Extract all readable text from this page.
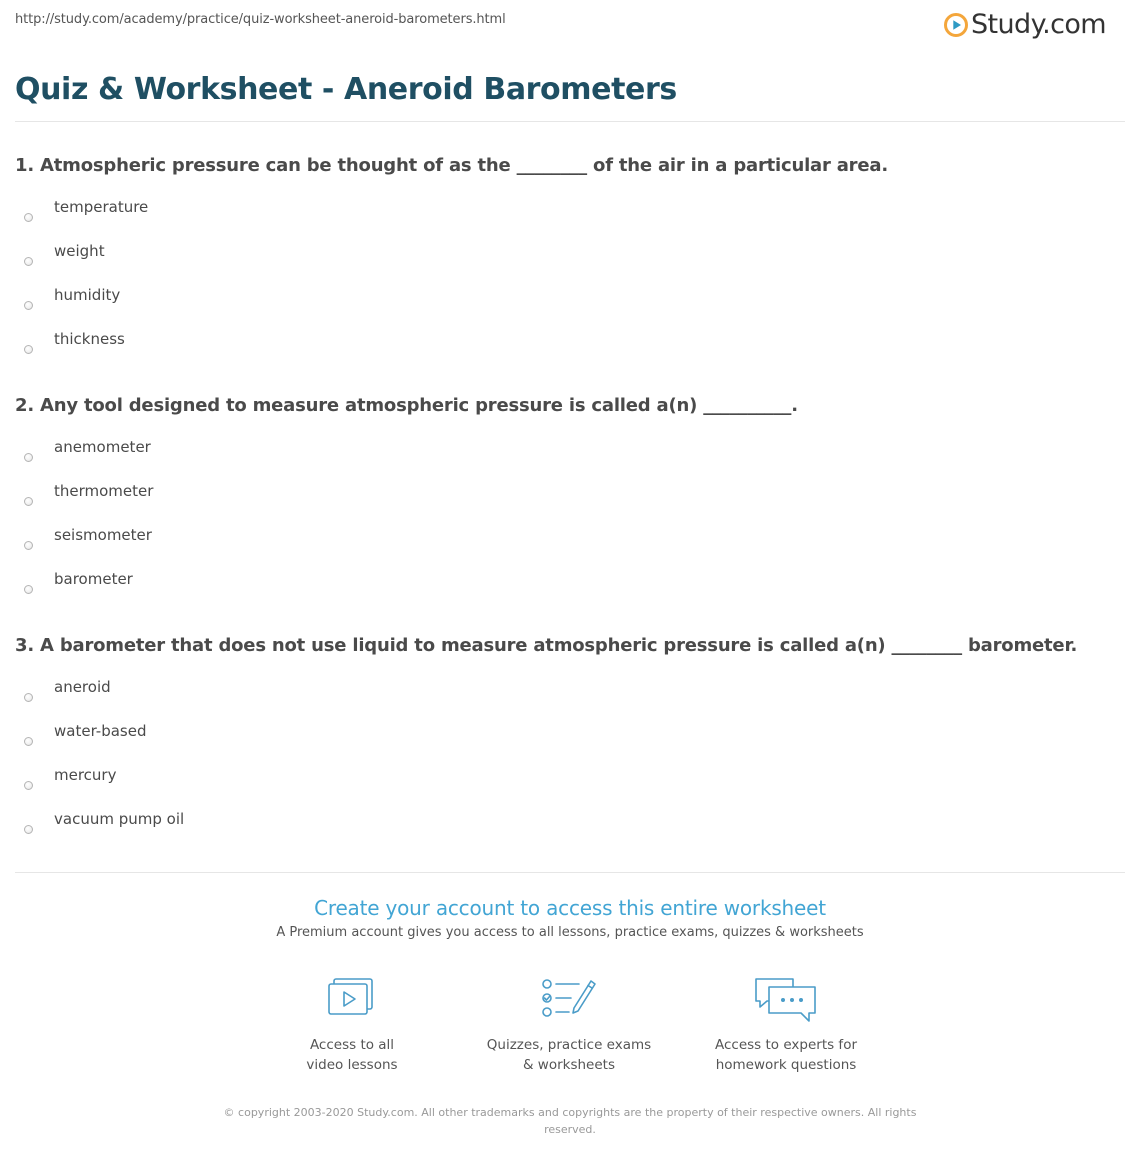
http://study.com/academy/practice/quiz-worksheet-aneroid-barometers.html	Study.com
Quiz & Worksheet - Aneroid Barometers

1. Atmospheric pressure can be thought of as the ________ of the air in a particular area.

temperature
weight
humidity
thickness

2. Any tool designed to measure atmospheric pressure is called a(n) __________.

anemometer
thermometer
seismometer
barometer

3. A barometer that does not use liquid to measure atmospheric pressure is called a(n) ________ barometer.

aneroid
water-based
mercury
vacuum pump oil
Create your account to access this entire worksheet
A Premium account gives you access to all lessons, practice exams, quizzes & worksheets
Access to all
video lessons
Quizzes, practice exams
& worksheets
Access to experts for
homework questions
© copyright 2003-2020 Study.com. All other trademarks and copyrights are the property of their respective owners. All rights
reserved.
